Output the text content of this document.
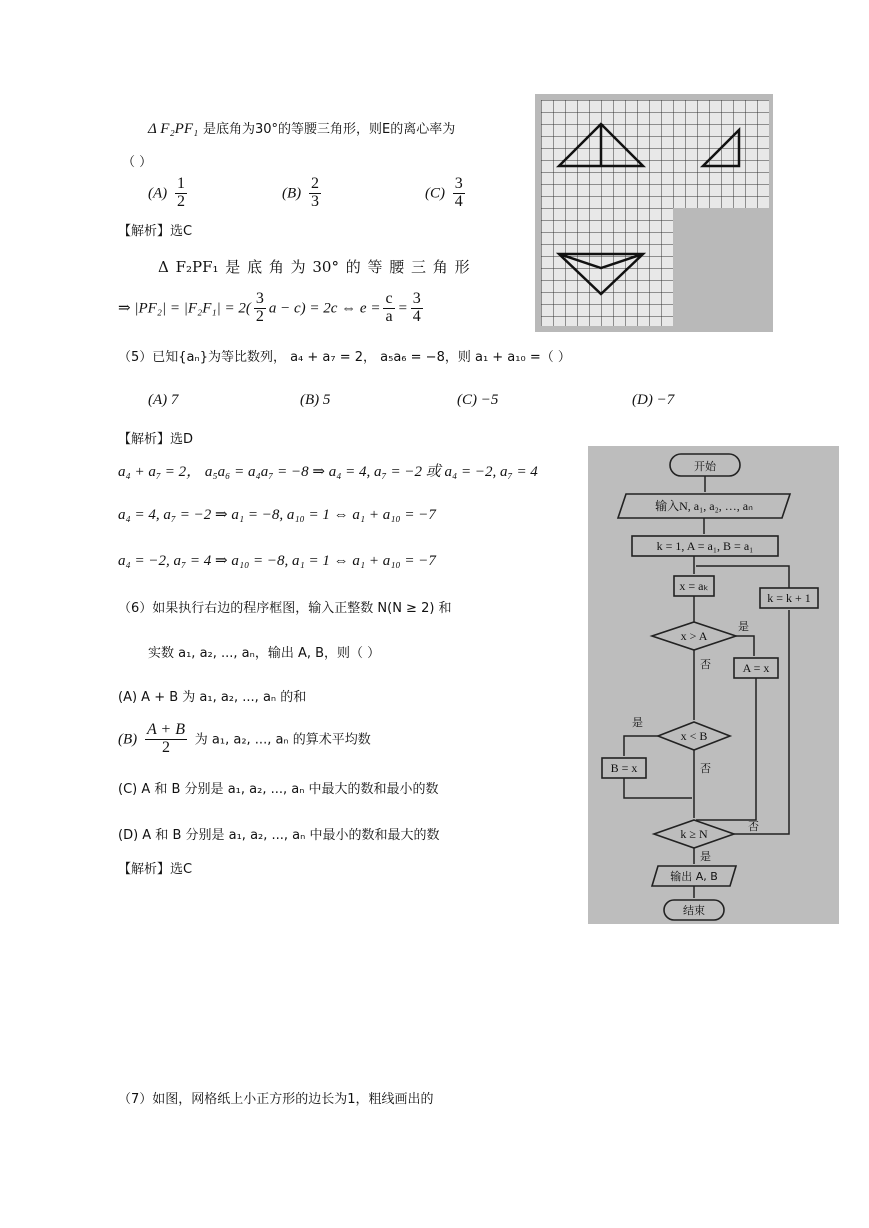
Δ F₂PF₁ 是底角为30°的等腰三角形，则E的离心率为
（ ）
$(A) \frac{1}{2}$	$(B) \frac{2}{3}$	$(C) \frac{3}{4}$
【解析】选C
Δ F₂PF₁ 是 底 角 为 30° 的 等 腰 三 角 形
⇒ $|PF_2| = |F_2F_1| = 2( \frac{3}{2}$ a − c) = 2c ⇔ $e = \frac{c}{a} = \frac{3}{4}$
（5）已知{aₙ}为等比数列， a₄ + a₇ = 2， a₅a₆ = −8，则 a₁ + a₁₀ =（ ）
(A) 7	(B) 5	(C) −5	(D) −7
【解析】选D
a₄ + a₇ = 2， a₅a₆ = a₄a₇ = −8 ⇒ a₄ = 4, a₇ = −2 或 a₄ = −2, a₇ = 4
a₄ = 4, a₇ = −2 ⇒ a₁ = −8, a₁₀ = 1 ⇔ a₁ + a₁₀ = −7
a₄ = −2, a₇ = 4 ⇒ a₁₀ = −8, a₁ = 1 ⇔ a₁ + a₁₀ = −7
（6）如果执行右边的程序框图，输入正整数 N(N ≥ 2) 和
实数 a₁, a₂, ..., aₙ，输出 A, B，则（ ）
(A) A + B 为 a₁, a₂, ..., aₙ 的和
$(B) \frac{A + B}{2}$ 为 a₁, a₂, ..., aₙ 的算术平均数
(C) A 和 B 分别是 a₁, a₂, ..., aₙ 中最大的数和最小的数
(D) A 和 B 分别是 a₁, a₂, ..., aₙ 中最小的数和最大的数
【解析】选C
开始
输入N, a₁, a₂, …, aₙ
k = 1, A = a₁, B = a₁
x = aₖ
k = k + 1
x > A
是
否	A = x
x < B
是
否
B = x
k ≥ N
否
是
输出 A, B
结束
（7）如图，网格纸上小正方形的边长为1，粗线画出的
